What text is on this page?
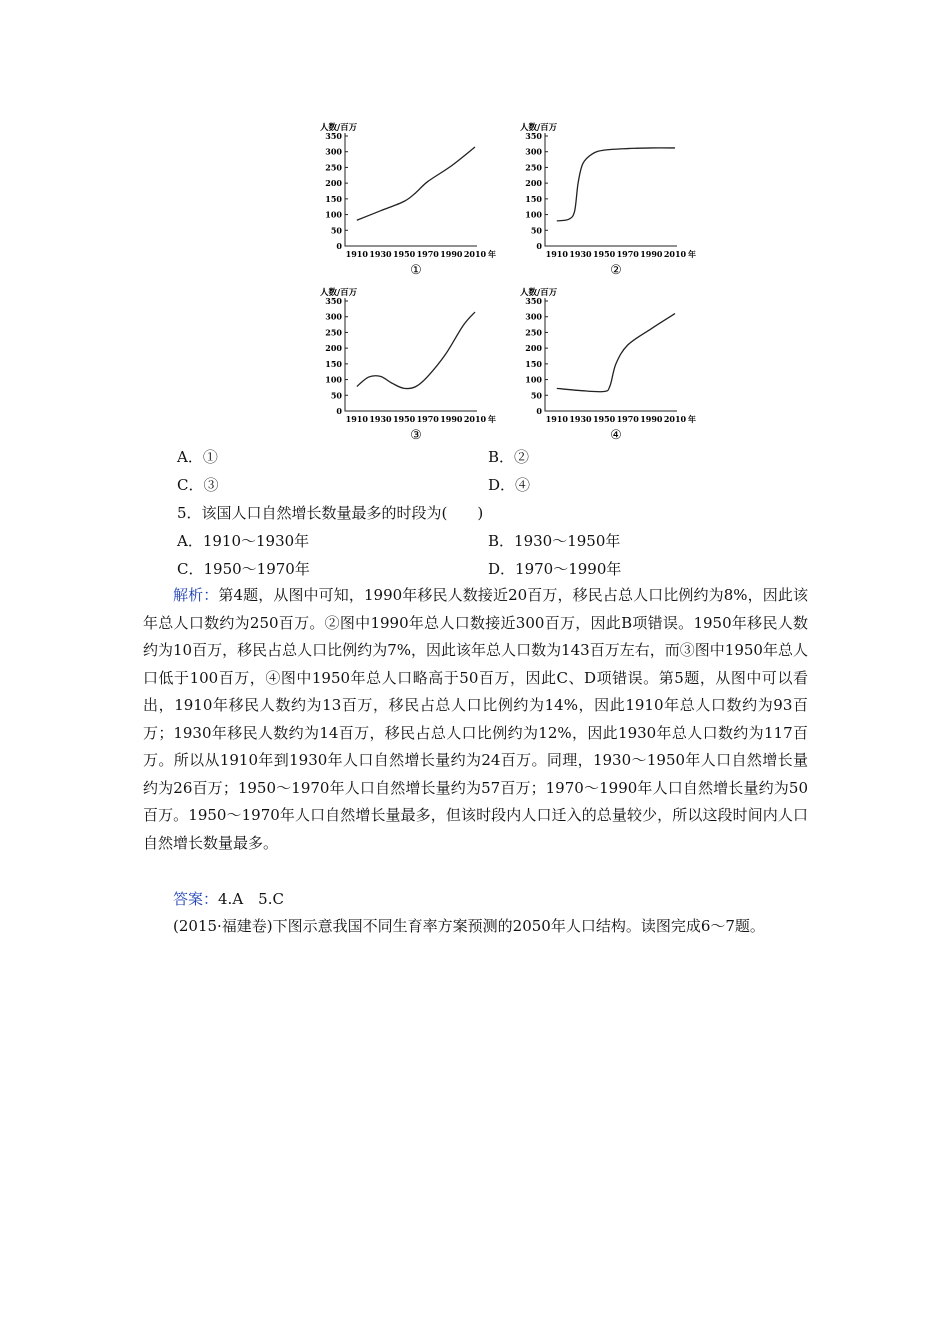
人数/百万
350
300
250
200
150
100
50
0
1910 1930 1950 1970 1990 2010 年
①
人数/百万
350
300
250
200
150
100
50
0
1910 1930 1950 1970 1990 2010 年
②
人数/百万
350
300
250
200
150
100
50
0
1910 1930 1950 1970 1990 2010 年
③
人数/百万
350
300
250
200
150
100
50
0
1910 1930 1950 1970 1990 2010 年
④
A．①	B．②
C．③	D．④
5．该国人口自然增长数量最多的时段为(　　)
A．1910～1930年	B．1930～1950年
C．1950～1970年	D．1970～1990年
解析：第4题，从图中可知，1990年移民人数接近20百万，移民占总人口比例约为8%，因此该年总人口数约为250百万。②图中1990年总人口数接近300百万，因此B项错误。1950年移民人数约为10百万，移民占总人口比例约为7%，因此该年总人口数为143百万左右，而③图中1950年总人口低于100百万，④图中1950年总人口略高于50百万，因此C、D项错误。第5题，从图中可以看出，1910年移民人数约为13百万，移民占总人口比例约为14%，因此1910年总人口数约为93百万；1930年移民人数约为14百万，移民占总人口比例约为12%，因此1930年总人口数约为117百万。所以从1910年到1930年人口自然增长量约为24百万。同理，1930～1950年人口自然增长量约为26百万；1950～1970年人口自然增长量约为57百万；1970～1990年人口自然增长量约为50百万。1950～1970年人口自然增长量最多，但该时段内人口迁入的总量较少，所以这段时间内人口自然增长数量最多。
答案：4.A　5.C
(2015·福建卷)下图示意我国不同生育率方案预测的2050年人口结构。读图完成6～7题。
